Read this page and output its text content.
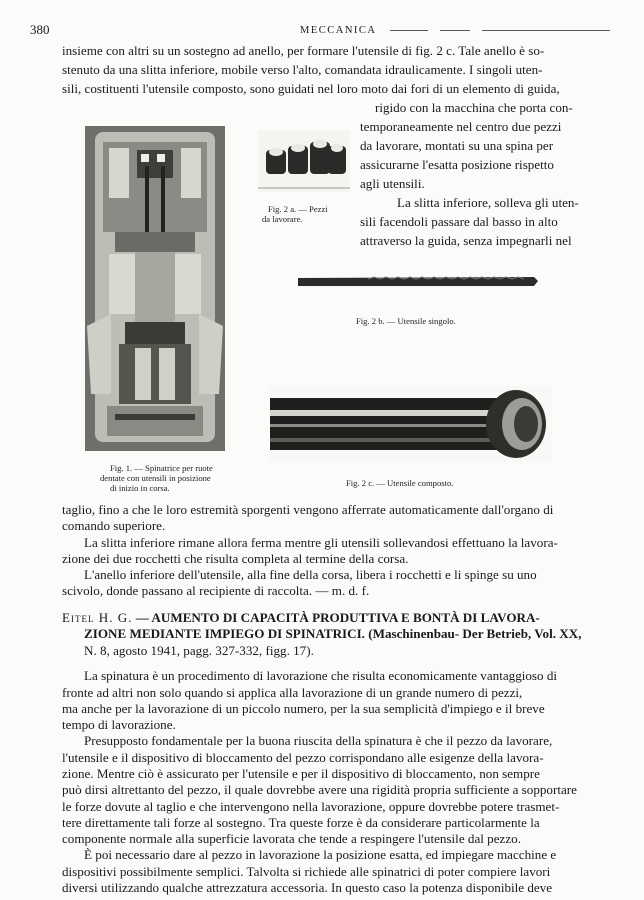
380	MECCANICA
insieme con altri su un sostegno ad anello, per formare l'utensile di fig. 2 c. Tale anello è so-
stenuto da una slitta inferiore, mobile verso l'alto, comandata idraulicamente. I singoli uten-
sili, costituenti l'utensile composto, sono guidati nel loro moto dai fori di un elemento di guida,
rigido con la macchina che porta con-
temporaneamente nel centro due pezzi
da lavorare, montati su una spina per
assicurarne l'esatta posizione rispetto
agli utensili.
La slitta inferiore, solleva gli uten-
sili facendoli passare dal basso in alto
attraverso la guida, senza impegnarli nel
Fig. 1. — Spinatrice per ruote
dentate con utensili in posizione
di inizio in corsa.
Fig. 2 a. — Pezzi
da lavorare.
Fig. 2 b. — Utensile singolo.
Fig. 2 c. — Utensile composto.
taglio, fino a che le loro estremità sporgenti vengono afferrate automaticamente dall'organo di
comando superiore.
La slitta inferiore rimane allora ferma mentre gli utensili sollevandosi effettuano la lavora-
zione dei due rocchetti che risulta completa al termine della corsa.
L'anello inferiore dell'utensile, alla fine della corsa, libera i rocchetti e li spinge su uno
scivolo, donde passano al recipiente di raccolta. — m. d. f.
Eitel H. G. — AUMENTO DI CAPACITÀ PRODUTTIVA E BONTÀ DI LAVORA-
ZIONE MEDIANTE IMPIEGO DI SPINATRICI. (Maschinenbau- Der Betrieb, Vol. XX,
N. 8, agosto 1941, pagg. 327-332, figg. 17).
La spinatura è un procedimento di lavorazione che risulta economicamente vantaggioso di
fronte ad altri non solo quando si applica alla lavorazione di un grande numero di pezzi,
ma anche per la lavorazione di un piccolo numero, per la sua semplicità d'impiego e il breve
tempo di lavorazione.
Presupposto fondamentale per la buona riuscita della spinatura è che il pezzo da lavorare,
l'utensile e il dispositivo di bloccamento del pezzo corrispondano alle esigenze della lavora-
zione. Mentre ciò è assicurato per l'utensile e per il dispositivo di bloccamento, non sempre
può dirsi altrettanto del pezzo, il quale dovrebbe avere una rigidità propria sufficiente a sopportare
le forze dovute al taglio e che intervengono nella lavorazione, oppure dovrebbe potere trasmet-
tere direttamente tali forze al sostegno. Tra queste forze è da considerare particolarmente la
componente normale alla superficie lavorata che tende a respingere l'utensile dal pezzo.
È poi necessario dare al pezzo in lavorazione la posizione esatta, ed impiegare macchine e
dispositivi possibilmente semplici. Talvolta si richiede alle spinatrici di poter compiere lavori
diversi utilizzando qualche attrezzatura accessoria. In questo caso la potenza disponibile deve
